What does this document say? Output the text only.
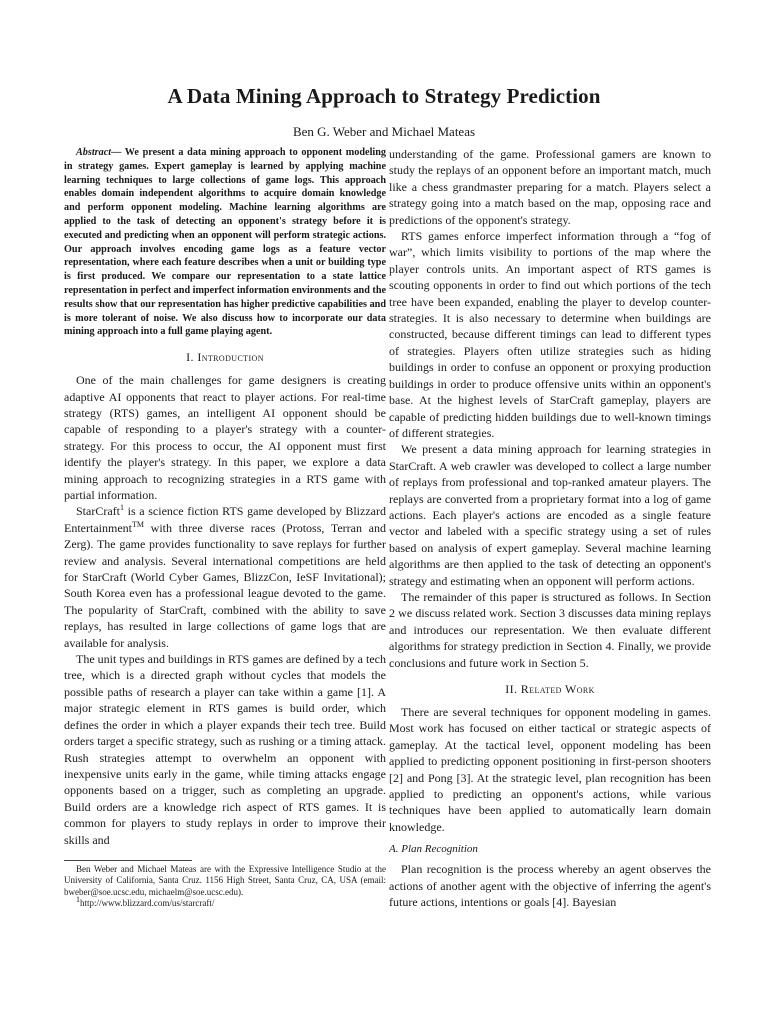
A Data Mining Approach to Strategy Prediction
Ben G. Weber and Michael Mateas

Abstract— We present a data mining approach to opponent modeling in strategy games. Expert gameplay is learned by applying machine learning techniques to large collections of game logs. This approach enables domain independent algorithms to acquire domain knowledge and perform opponent modeling. Machine learning algorithms are applied to the task of detecting an opponent's strategy before it is executed and predicting when an opponent will perform strategic actions. Our approach involves encoding game logs as a feature vector representation, where each feature describes when a unit or building type is first produced. We compare our representation to a state lattice representation in perfect and imperfect information environments and the results show that our representation has higher predictive capabilities and is more tolerant of noise. We also discuss how to incorporate our data mining approach into a full game playing agent.

I. Introduction

One of the main challenges for game designers is creating adaptive AI opponents that react to player actions. For real-time strategy (RTS) games, an intelligent AI opponent should be capable of responding to a player's strategy with a counter-strategy. For this process to occur, the AI opponent must first identify the player's strategy. In this paper, we explore a data mining approach to recognizing strategies in a RTS game with partial information.

StarCraft$^1$ is a science fiction RTS game developed by Blizzard Entertainment™ with three diverse races (Protoss, Terran and Zerg). The game provides functionality to save replays for further review and analysis. Several international competitions are held for StarCraft (World Cyber Games, BlizzCon, IeSF Invitational); South Korea even has a professional league devoted to the game. The popularity of StarCraft, combined with the ability to save replays, has resulted in large collections of game logs that are available for analysis.

The unit types and buildings in RTS games are defined by a tech tree, which is a directed graph without cycles that models the possible paths of research a player can take within a game [1]. A major strategic element in RTS games is build order, which defines the order in which a player expands their tech tree. Build orders target a specific strategy, such as rushing or a timing attack. Rush strategies attempt to overwhelm an opponent with inexpensive units early in the game, while timing attacks engage opponents based on a trigger, such as completing an upgrade. Build orders are a knowledge rich aspect of RTS games. It is common for players to study replays in order to improve their skills and

Ben Weber and Michael Mateas are with the Expressive Intelligence Studio at the University of California, Santa Cruz. 1156 High Street, Santa Cruz, CA, USA (email: bweber@soe.ucsc.edu, michaelm@soe.ucsc.edu).

$^1$http://www.blizzard.com/us/starcraft/

understanding of the game. Professional gamers are known to study the replays of an opponent before an important match, much like a chess grandmaster preparing for a match. Players select a strategy going into a match based on the map, opposing race and predictions of the opponent's strategy.

RTS games enforce imperfect information through a “fog of war”, which limits visibility to portions of the map where the player controls units. An important aspect of RTS games is scouting opponents in order to find out which portions of the tech tree have been expanded, enabling the player to develop counter-strategies. It is also necessary to determine when buildings are constructed, because different timings can lead to different types of strategies. Players often utilize strategies such as hiding buildings in order to confuse an opponent or proxying production buildings in order to produce offensive units within an opponent's base. At the highest levels of StarCraft gameplay, players are capable of predicting hidden buildings due to well-known timings of different strategies.

We present a data mining approach for learning strategies in StarCraft. A web crawler was developed to collect a large number of replays from professional and top-ranked amateur players. The replays are converted from a proprietary format into a log of game actions. Each player's actions are encoded as a single feature vector and labeled with a specific strategy using a set of rules based on analysis of expert gameplay. Several machine learning algorithms are then applied to the task of detecting an opponent's strategy and estimating when an opponent will perform actions.

The remainder of this paper is structured as follows. In Section 2 we discuss related work. Section 3 discusses data mining replays and introduces our representation. We then evaluate different algorithms for strategy prediction in Section 4. Finally, we provide conclusions and future work in Section 5.

II. Related Work

There are several techniques for opponent modeling in games. Most work has focused on either tactical or strategic aspects of gameplay. At the tactical level, opponent modeling has been applied to predicting opponent positioning in first-person shooters [2] and Pong [3]. At the strategic level, plan recognition has been applied to predicting an opponent's actions, while various techniques have been applied to automatically learn domain knowledge.

A. Plan Recognition

Plan recognition is the process whereby an agent observes the actions of another agent with the objective of inferring the agent's future actions, intentions or goals [4]. Bayesian
